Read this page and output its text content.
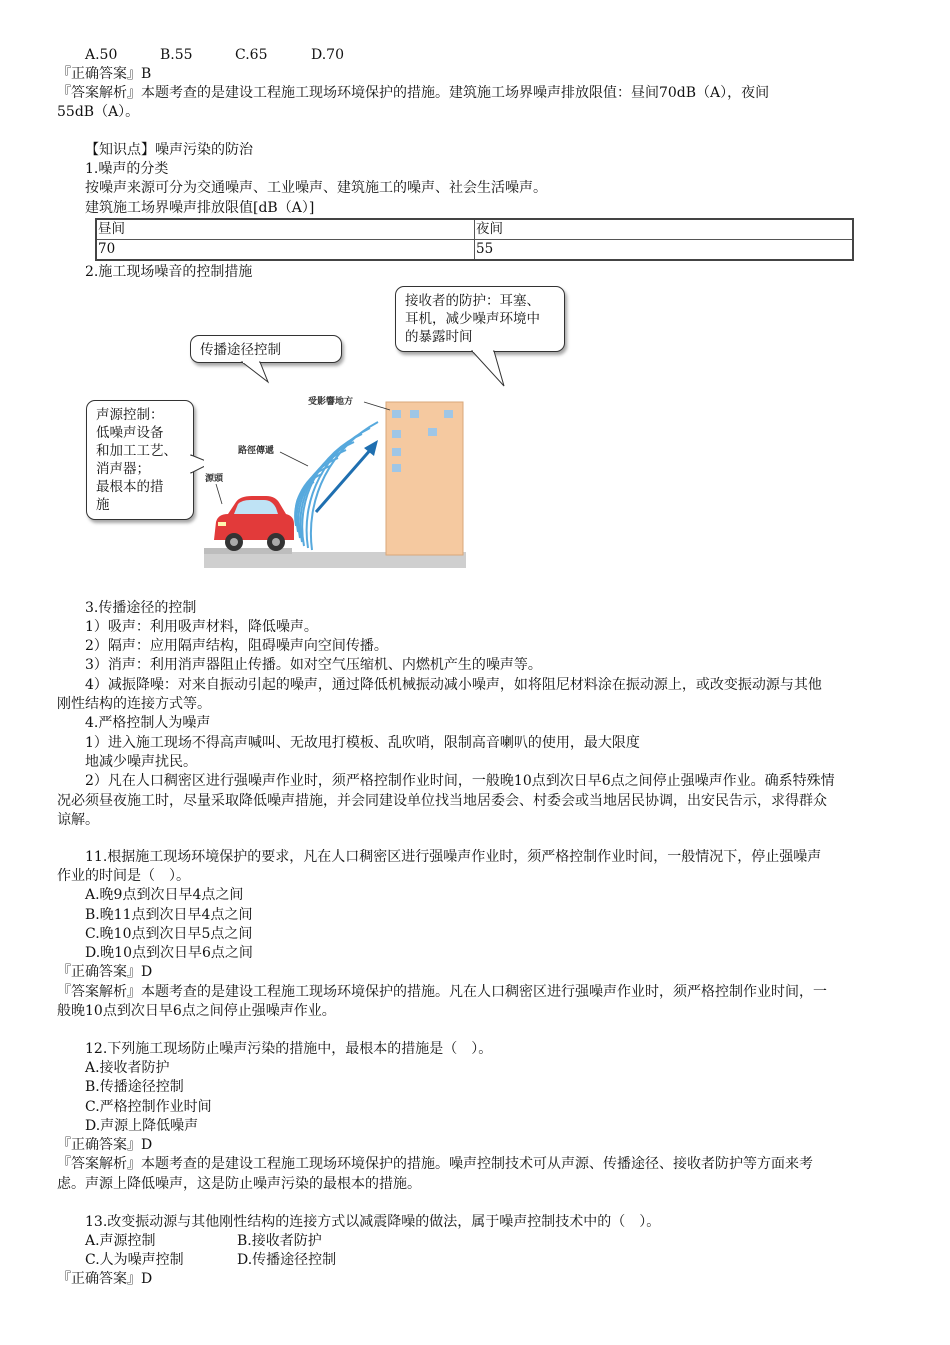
A.50	B.55	C.65	D.70
『正确答案』B
『答案解析』本题考查的是建设工程施工现场环境保护的措施。建筑施工场界噪声排放限值：昼间70dB（A），夜间
55dB（A）。
【知识点】噪声污染的防治
1.噪声的分类
按噪声来源可分为交通噪声、工业噪声、建筑施工的噪声、社会生活噪声。
建筑施工场界噪声排放限值[dB（A）]
昼间	夜间
70	55
2.施工现场噪音的控制措施
接收者的防护：耳塞、
耳机，减少噪声环境中
的暴露时间
传播途径控制
声源控制：
低噪声设备
和加工工艺、
消声器；
最根本的措
施
受影響地方
路徑傳遞
源頭
3.传播途径的控制
1）吸声：利用吸声材料，降低噪声。
2）隔声：应用隔声结构，阻碍噪声向空间传播。
3）消声：利用消声器阻止传播。如对空气压缩机、内燃机产生的噪声等。
4）减振降噪：对来自振动引起的噪声，通过降低机械振动减小噪声，如将阻尼材料涂在振动源上，或改变振动源与其他
刚性结构的连接方式等。
4.严格控制人为噪声
1）进入施工现场不得高声喊叫、无故甩打模板、乱吹哨，限制高音喇叭的使用，最大限度
地减少噪声扰民。
2）凡在人口稠密区进行强噪声作业时，须严格控制作业时间，一般晚10点到次日早6点之间停止强噪声作业。确系特殊情
况必须昼夜施工时，尽量采取降低噪声措施，并会同建设单位找当地居委会、村委会或当地居民协调，出安民告示，求得群众
谅解。
11.根据施工现场环境保护的要求，凡在人口稠密区进行强噪声作业时，须严格控制作业时间，一般情况下，停止强噪声
作业的时间是（　）。
A.晚9点到次日早4点之间
B.晚11点到次日早4点之间
C.晚10点到次日早5点之间
D.晚10点到次日早6点之间
『正确答案』D
『答案解析』本题考查的是建设工程施工现场环境保护的措施。凡在人口稠密区进行强噪声作业时，须严格控制作业时间，一
般晚10点到次日早6点之间停止强噪声作业。
12.下列施工现场防止噪声污染的措施中，最根本的措施是（　）。
A.接收者防护
B.传播途径控制
C.严格控制作业时间
D.声源上降低噪声
『正确答案』D
『答案解析』本题考查的是建设工程施工现场环境保护的措施。噪声控制技术可从声源、传播途径、接收者防护等方面来考
虑。声源上降低噪声，这是防止噪声污染的最根本的措施。
13.改变振动源与其他刚性结构的连接方式以减震降噪的做法，属于噪声控制技术中的（　）。
A.声源控制	B.接收者防护
C.人为噪声控制	D.传播途径控制
『正确答案』D
